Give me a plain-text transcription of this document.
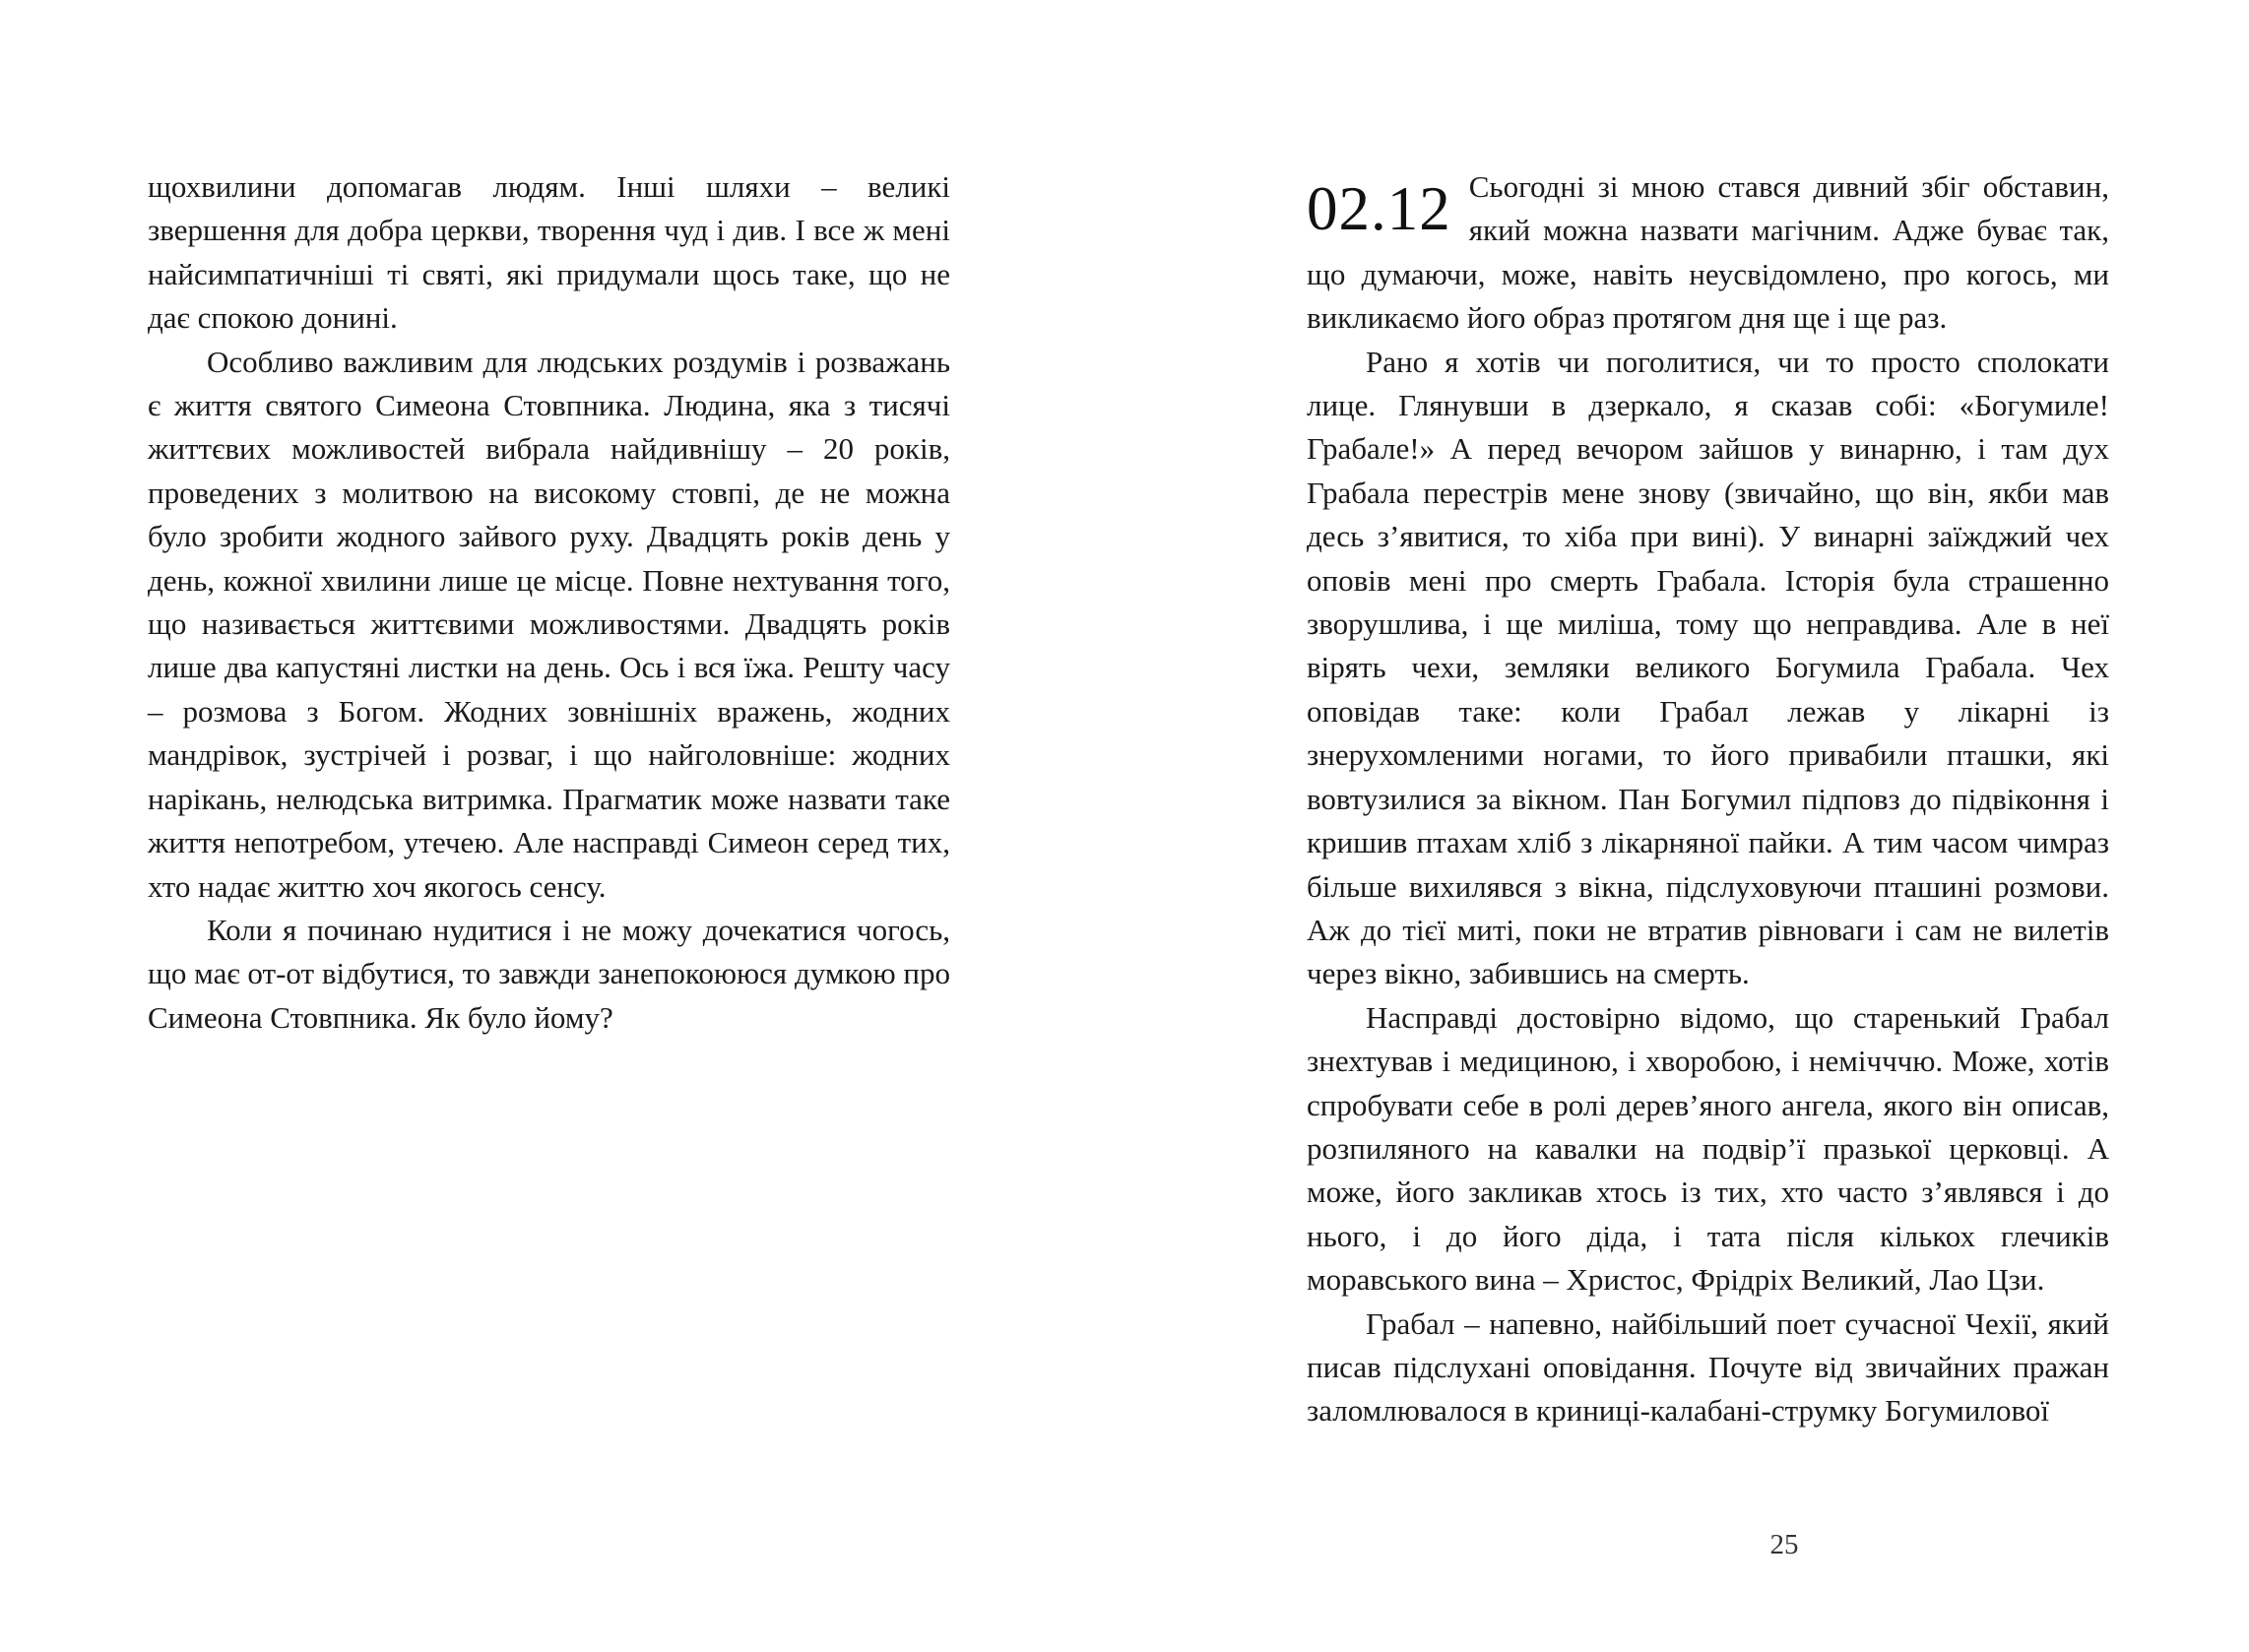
щохвилини допомагав людям. Інші шляхи – великі звершення для добра церкви, творення чуд і див. І все ж мені найсимпатичніші ті святі, які придумали щось таке, що не дає спокою донині.

Особливо важливим для людських роздумів і розважань є життя святого Симеона Стовпника. Людина, яка з тисячі життєвих можливостей вибрала найдивнішу – 20 років, проведених з молитвою на високому стовпі, де не можна було зробити жодного зайвого руху. Двадцять років день у день, кожної хвилини лише це місце. Повне нехтування того, що називається життєвими можливостями. Двадцять років лише два капустяні листки на день. Ось і вся їжа. Решту часу – розмова з Богом. Жодних зовнішніх вражень, жодних мандрівок, зустрічей і розваг, і що найголовніше: жодних нарікань, нелюдська витримка. Прагматик може назвати таке життя непотребом, утечею. Але насправді Симеон серед тих, хто надає життю хоч якогось сенсу.

Коли я починаю нудитися і не можу дочекатися чогось, що має от-от відбутися, то завжди занепокоююся думкою про Симеона Стовпника. Як було йому?

02.12 Сьогодні зі мною стався дивний збіг обставин, який можна назвати магічним. Адже буває так, що думаючи, може, навіть неусвідомлено, про когось, ми викликаємо його образ протягом дня ще і ще раз.

Рано я хотів чи поголитися, чи то просто сполокати лице. Глянувши в дзеркало, я сказав собі: «Богумиле! Грабале!» А перед вечором зайшов у винарню, і там дух Грабала перестрів мене знову (звичайно, що він, якби мав десь з’явитися, то хіба при вині). У винарні заїжджий чех оповів мені про смерть Грабала. Історія була страшенно зворушлива, і ще миліша, тому що неправдива. Але в неї вірять чехи, земляки великого Богумила Грабала. Чех оповідав таке: коли Грабал лежав у лікарні із знерухомленими ногами, то його привабили пташки, які вовтузилися за вікном. Пан Богумил підповз до підвіконня і кришив птахам хліб з лікарняної пайки. А тим часом чимраз більше вихилявся з вікна, підслуховуючи пташині розмови. Аж до тієї миті, поки не втратив рівноваги і сам не вилетів через вікно, забившись на смерть.

Насправді достовірно відомо, що старенький Грабал знехтував і медициною, і хворобою, і немічччю. Може, хотів спробувати себе в ролі дерев’яного ангела, якого він описав, розпиляного на кавалки на подвір’ї празької церковці. А може, його закликав хтось із тих, хто часто з’являвся і до нього, і до його діда, і тата після кількох глечиків моравського вина – Христос, Фрідріх Великий, Лао Цзи.

Грабал – напевно, найбільший поет сучасної Чехії, який писав підслухані оповідання. Почуте від звичайних пражан заломлювалося в криниці-калабані-струмку Богумилової

25
